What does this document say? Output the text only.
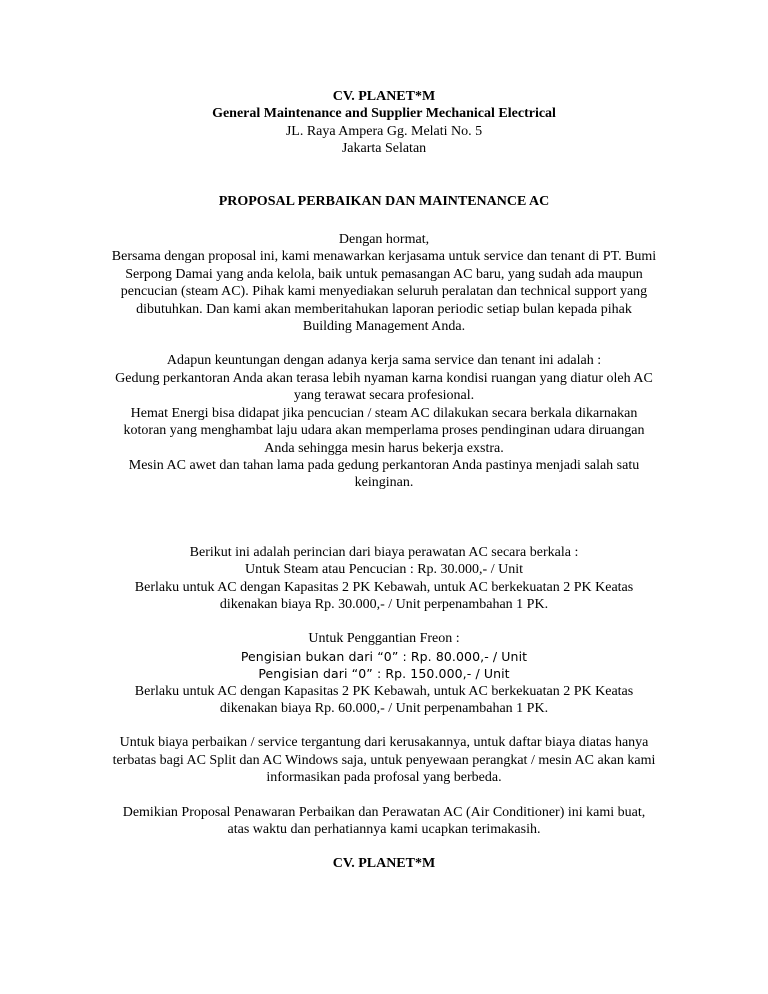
CV. PLANET*M
General Maintenance and Supplier Mechanical Electrical
JL. Raya Ampera Gg. Melati No. 5
Jakarta Selatan
PROPOSAL PERBAIKAN DAN MAINTENANCE AC
Dengan hormat,
Bersama dengan proposal ini, kami menawarkan kerjasama untuk service dan tenant di PT. Bumi
Serpong Damai yang anda kelola, baik untuk pemasangan AC baru, yang sudah ada maupun
pencucian (steam AC). Pihak kami menyediakan seluruh peralatan dan technical support yang
dibutuhkan. Dan kami akan memberitahukan laporan periodic setiap bulan kepada pihak
Building Management Anda.
Adapun keuntungan dengan adanya kerja sama service dan tenant ini adalah :
Gedung perkantoran Anda akan terasa lebih nyaman karna kondisi ruangan yang diatur oleh AC
yang terawat secara profesional.
Hemat Energi bisa didapat jika pencucian / steam AC dilakukan secara berkala dikarnakan
kotoran yang menghambat laju udara akan memperlama proses pendinginan udara diruangan
Anda sehingga mesin harus bekerja exstra.
Mesin AC awet dan tahan lama pada gedung perkantoran Anda pastinya menjadi salah satu
keinginan.
Berikut ini adalah perincian dari biaya perawatan AC secara berkala :
Untuk Steam atau Pencucian : Rp. 30.000,- / Unit
Berlaku untuk AC dengan Kapasitas 2 PK Kebawah, untuk AC berkekuatan 2 PK Keatas
dikenakan biaya Rp. 30.000,- / Unit perpenambahan 1 PK.
Untuk Penggantian Freon :
Pengisian bukan dari “0” : Rp. 80.000,- / Unit
Pengisian dari “0” : Rp. 150.000,- / Unit
Berlaku untuk AC dengan Kapasitas 2 PK Kebawah, untuk AC berkekuatan 2 PK Keatas
dikenakan biaya Rp. 60.000,- / Unit perpenambahan 1 PK.
Untuk biaya perbaikan / service tergantung dari kerusakannya, untuk daftar biaya diatas hanya
terbatas bagi AC Split dan AC Windows saja, untuk penyewaan perangkat / mesin AC akan kami
informasikan pada profosal yang berbeda.
Demikian Proposal Penawaran Perbaikan dan Perawatan AC (Air Conditioner) ini kami buat,
atas waktu dan perhatiannya kami ucapkan terimakasih.
CV. PLANET*M
